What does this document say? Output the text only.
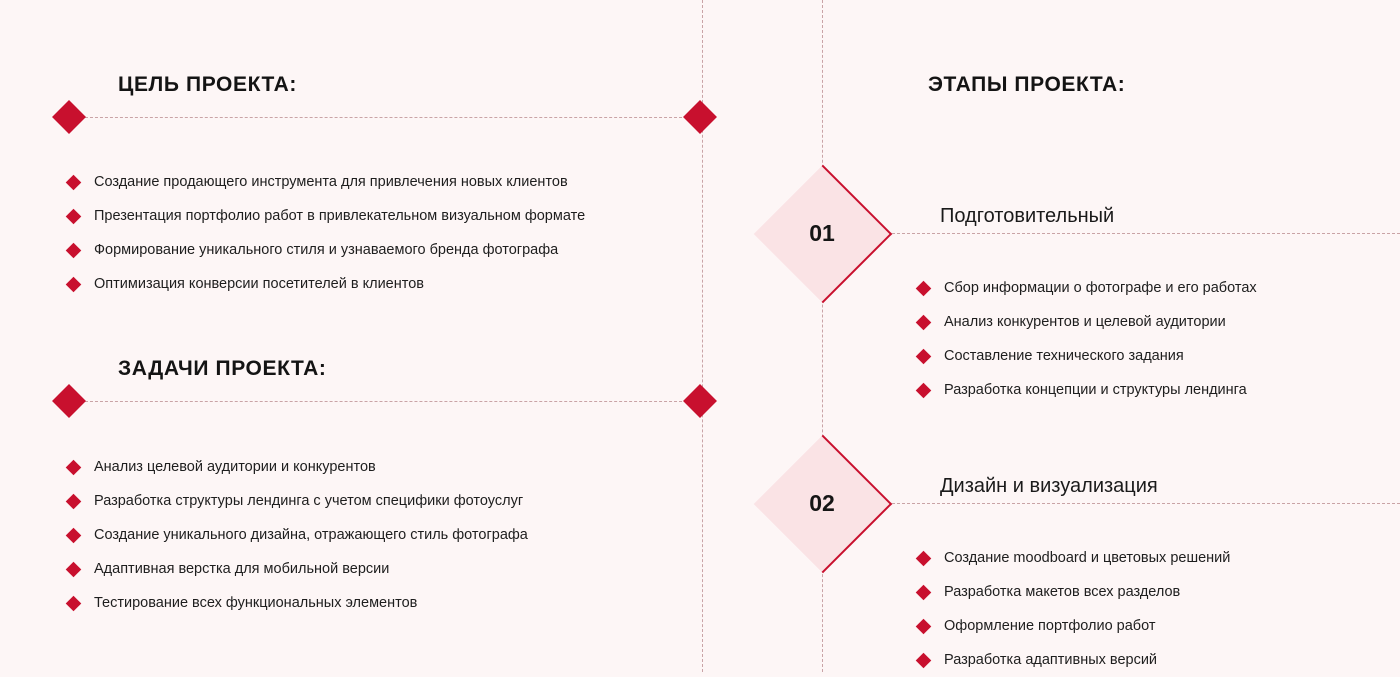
ЦЕЛЬ ПРОЕКТА:
Создание продающего инструмента для привлечения новых клиентов
Презентация портфолио работ в привлекательном визуальном формате
Формирование уникального стиля и узнаваемого бренда фотографа
Оптимизация конверсии посетителей в клиентов
ЗАДАЧИ ПРОЕКТА:
Анализ целевой аудитории и конкурентов
Разработка структуры лендинга с учетом специфики фотоуслуг
Создание уникального дизайна, отражающего стиль фотографа
Адаптивная верстка для мобильной версии
Тестирование всех функциональных элементов
ЭТАПЫ ПРОЕКТА:
01
Подготовительный
Сбор информации о фотографе и его работах
Анализ конкурентов и целевой аудитории
Составление технического задания
Разработка концепции и структуры лендинга
02
Дизайн и визуализация
Создание moodboard и цветовых решений
Разработка макетов всех разделов
Оформление портфолио работ
Разработка адаптивных версий
